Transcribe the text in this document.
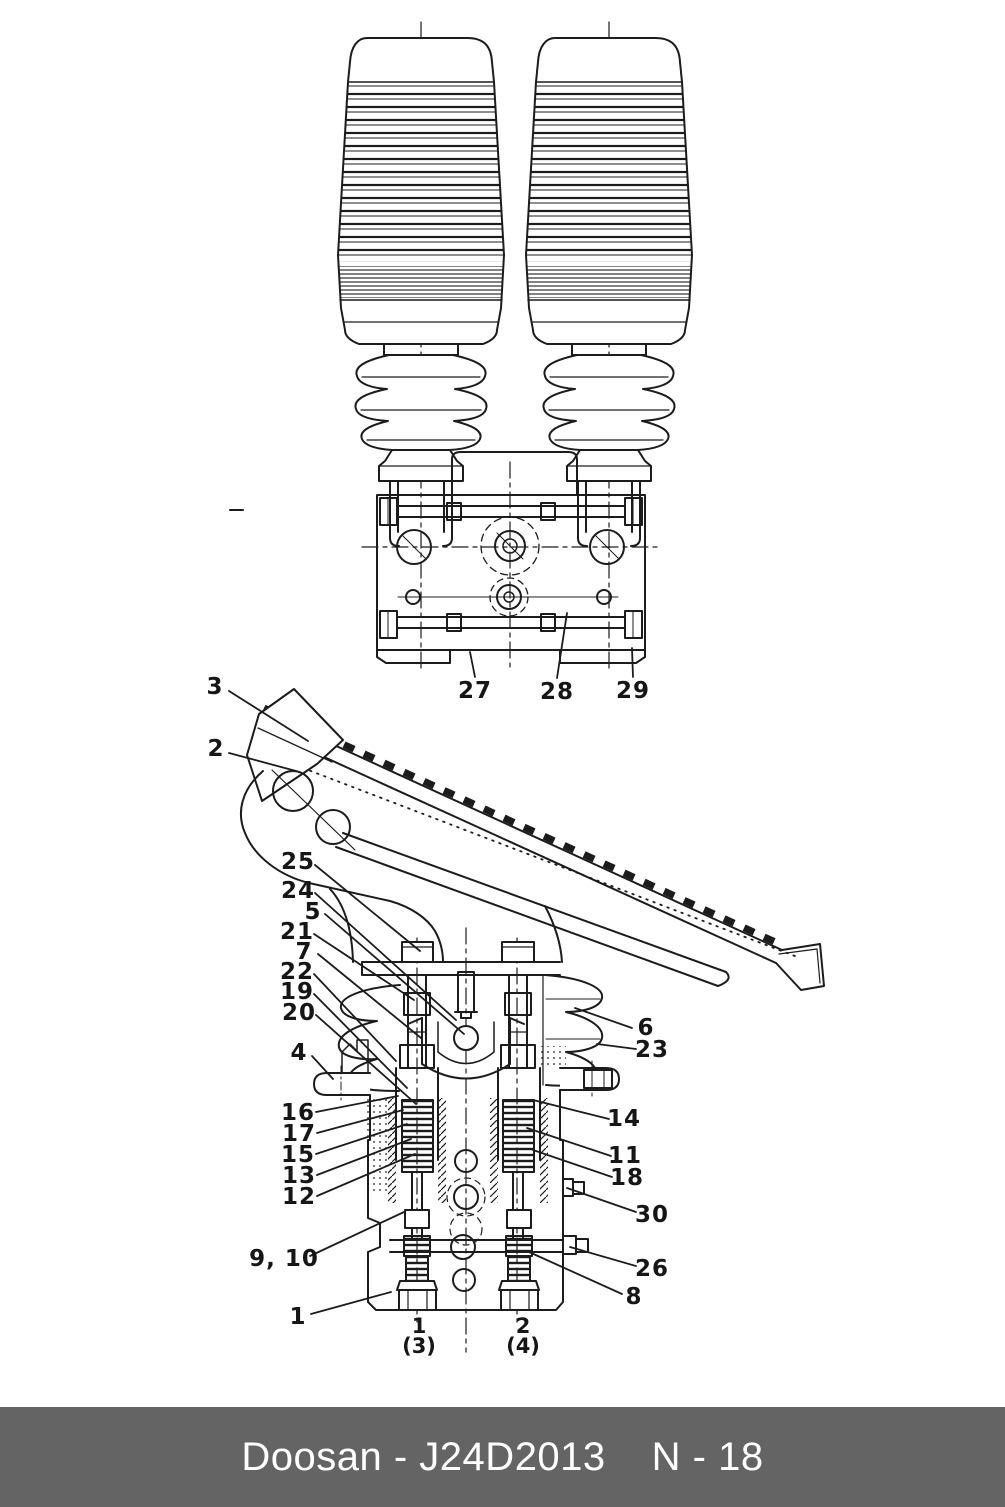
3
2
25
24
5
21
7
22
19
20
4
16
17
15
13
12
9, 10
1
6
23
14
11
18
30
26
8
27 28 29
1
(3)
2
(4)
Doosan - J24D2013 N - 18
